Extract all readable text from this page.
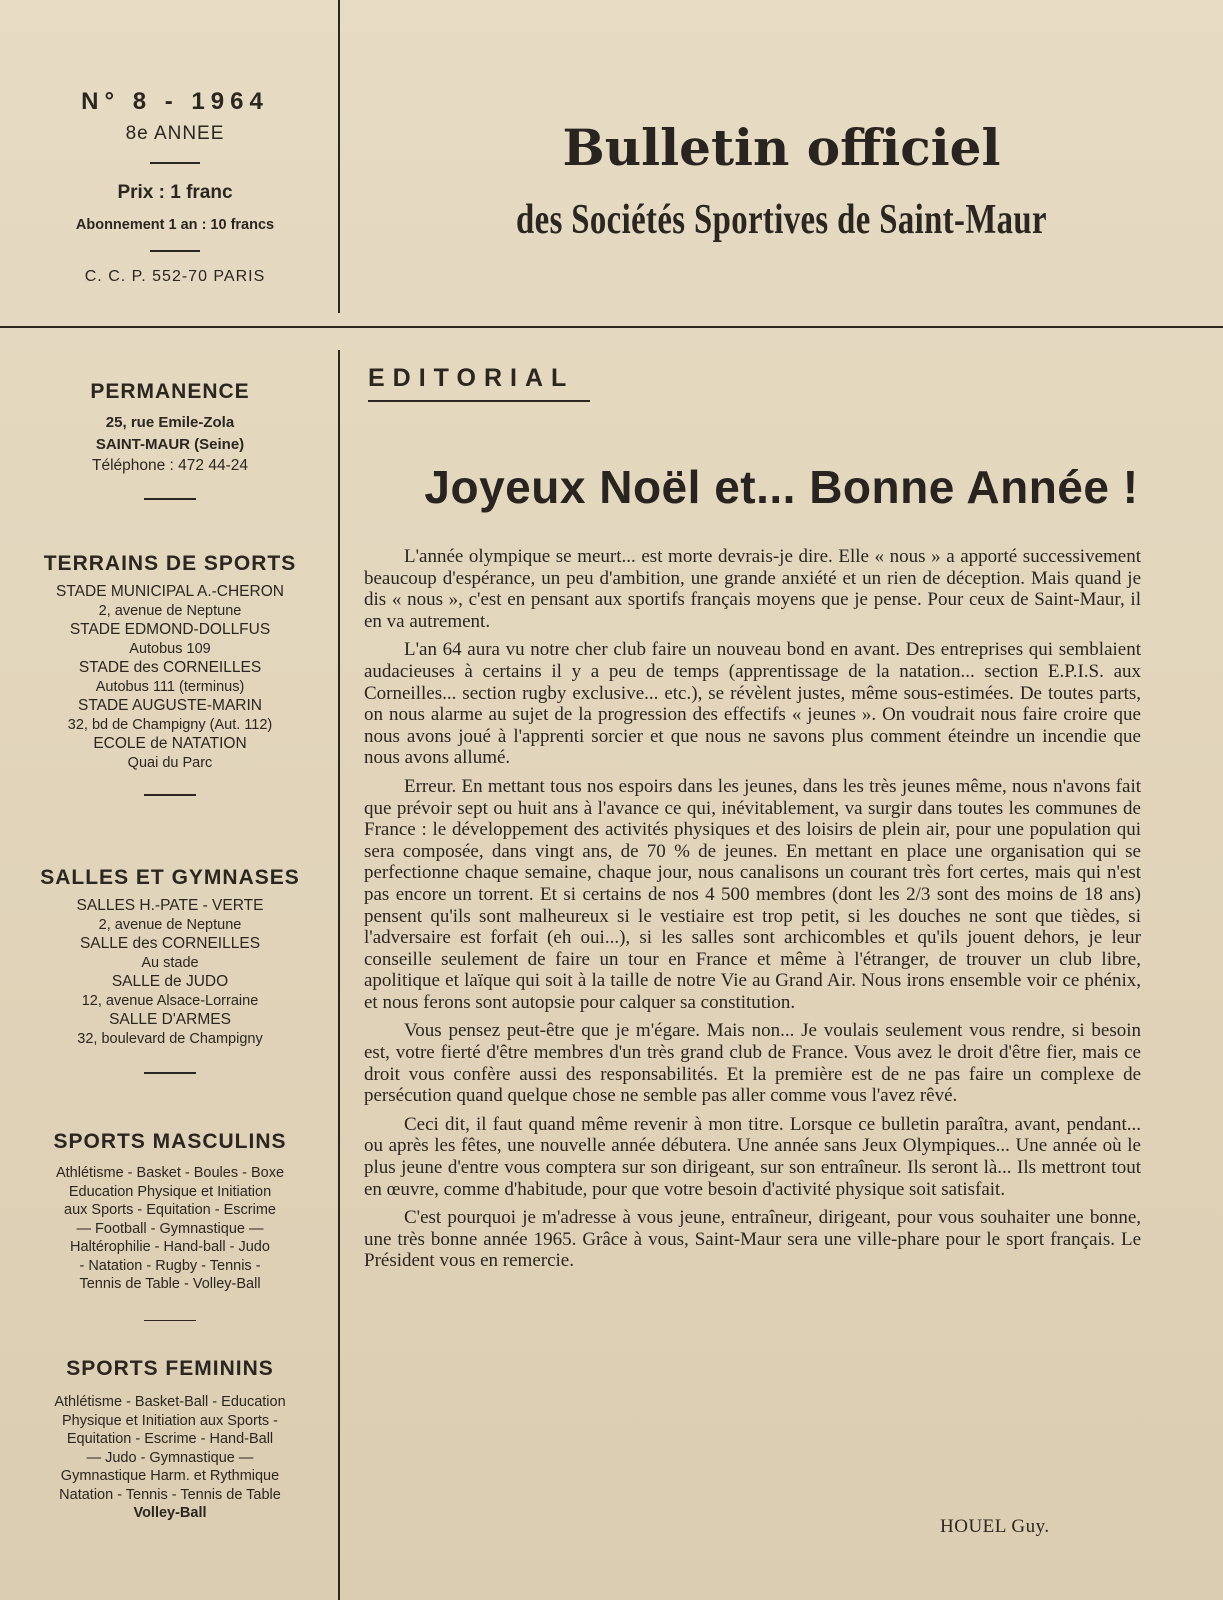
N° 8 - 1964
8e ANNEE
Prix : 1 franc
Abonnement 1 an : 10 francs
C. C. P. 552-70 PARIS
Bulletin officiel
des Sociétés Sportives de Saint-Maur

PERMANENCE

25, rue Emile-Zola

SAINT-MAUR (Seine)

Téléphone : 472 44-24

TERRAINS DE SPORTS

STADE MUNICIPAL A.-CHERON

2, avenue de Neptune

STADE EDMOND-DOLLFUS

Autobus 109

STADE des CORNEILLES

Autobus 111 (terminus)

STADE AUGUSTE-MARIN

32, bd de Champigny (Aut. 112)

ECOLE de NATATION

Quai du Parc

SALLES ET GYMNASES

SALLES H.-PATE - VERTE

2, avenue de Neptune

SALLE des CORNEILLES

Au stade

SALLE de JUDO

12, avenue Alsace-Lorraine

SALLE D'ARMES

32, boulevard de Champigny

SPORTS MASCULINS

Athlétisme - Basket - Boules - Boxe

Education Physique et Initiation

aux Sports - Equitation - Escrime

— Football - Gymnastique —

Haltérophilie - Hand-ball - Judo

- Natation - Rugby - Tennis -

Tennis de Table - Volley-Ball

SPORTS FEMININS

Athlétisme - Basket-Ball - Education

Physique et Initiation aux Sports -

Equitation - Escrime - Hand-Ball

— Judo - Gymnastique —

Gymnastique Harm. et Rythmique

Natation - Tennis - Tennis de Table

Volley-Ball

EDITORIAL
Joyeux Noël et... Bonne Année !

L'année olympique se meurt... est morte devrais-je dire. Elle « nous » a apporté successivement beaucoup d'espérance, un peu d'ambition, une grande anxiété et un rien de déception. Mais quand je dis « nous », c'est en pensant aux sportifs français moyens que je pense. Pour ceux de Saint-Maur, il en va autrement.

L'an 64 aura vu notre cher club faire un nouveau bond en avant. Des entreprises qui semblaient audacieuses à certains il y a peu de temps (apprentissage de la natation... section E.P.I.S. aux Corneilles... section rugby exclusive... etc.), se révèlent justes, même sous-estimées. De toutes parts, on nous alarme au sujet de la progression des effectifs « jeunes ». On voudrait nous faire croire que nous avons joué à l'apprenti sorcier et que nous ne savons plus comment éteindre un incendie que nous avons allumé.

Erreur. En mettant tous nos espoirs dans les jeunes, dans les très jeunes même, nous n'avons fait que prévoir sept ou huit ans à l'avance ce qui, inévitablement, va surgir dans toutes les communes de France : le développement des activités physiques et des loisirs de plein air, pour une population qui sera composée, dans vingt ans, de 70 % de jeunes. En mettant en place une organisation qui se perfectionne chaque semaine, chaque jour, nous canalisons un courant très fort certes, mais qui n'est pas encore un torrent. Et si certains de nos 4 500 membres (dont les 2/3 sont des moins de 18 ans) pensent qu'ils sont malheureux si le vestiaire est trop petit, si les douches ne sont que tièdes, si l'adversaire est forfait (eh oui...), si les salles sont archicombles et qu'ils jouent dehors, je leur conseille seulement de faire un tour en France et même à l'étranger, de trouver un club libre, apolitique et laïque qui soit à la taille de notre Vie au Grand Air. Nous irons ensemble voir ce phénix, et nous ferons sont autopsie pour calquer sa constitution.

Vous pensez peut-être que je m'égare. Mais non... Je voulais seulement vous rendre, si besoin est, votre fierté d'être membres d'un très grand club de France. Vous avez le droit d'être fier, mais ce droit vous confère aussi des responsabilités. Et la première est de ne pas faire un complexe de persécution quand quelque chose ne semble pas aller comme vous l'avez rêvé.

Ceci dit, il faut quand même revenir à mon titre. Lorsque ce bulletin paraîtra, avant, pendant... ou après les fêtes, une nouvelle année débutera. Une année sans Jeux Olympiques... Une année où le plus jeune d'entre vous comptera sur son dirigeant, sur son entraîneur. Ils seront là... Ils mettront tout en œuvre, comme d'habitude, pour que votre besoin d'activité physique soit satisfait.

C'est pourquoi je m'adresse à vous jeune, entraîneur, dirigeant, pour vous souhaiter une bonne, une très bonne année 1965. Grâce à vous, Saint-Maur sera une ville-phare pour le sport français. Le Président vous en remercie.

HOUEL Guy.
